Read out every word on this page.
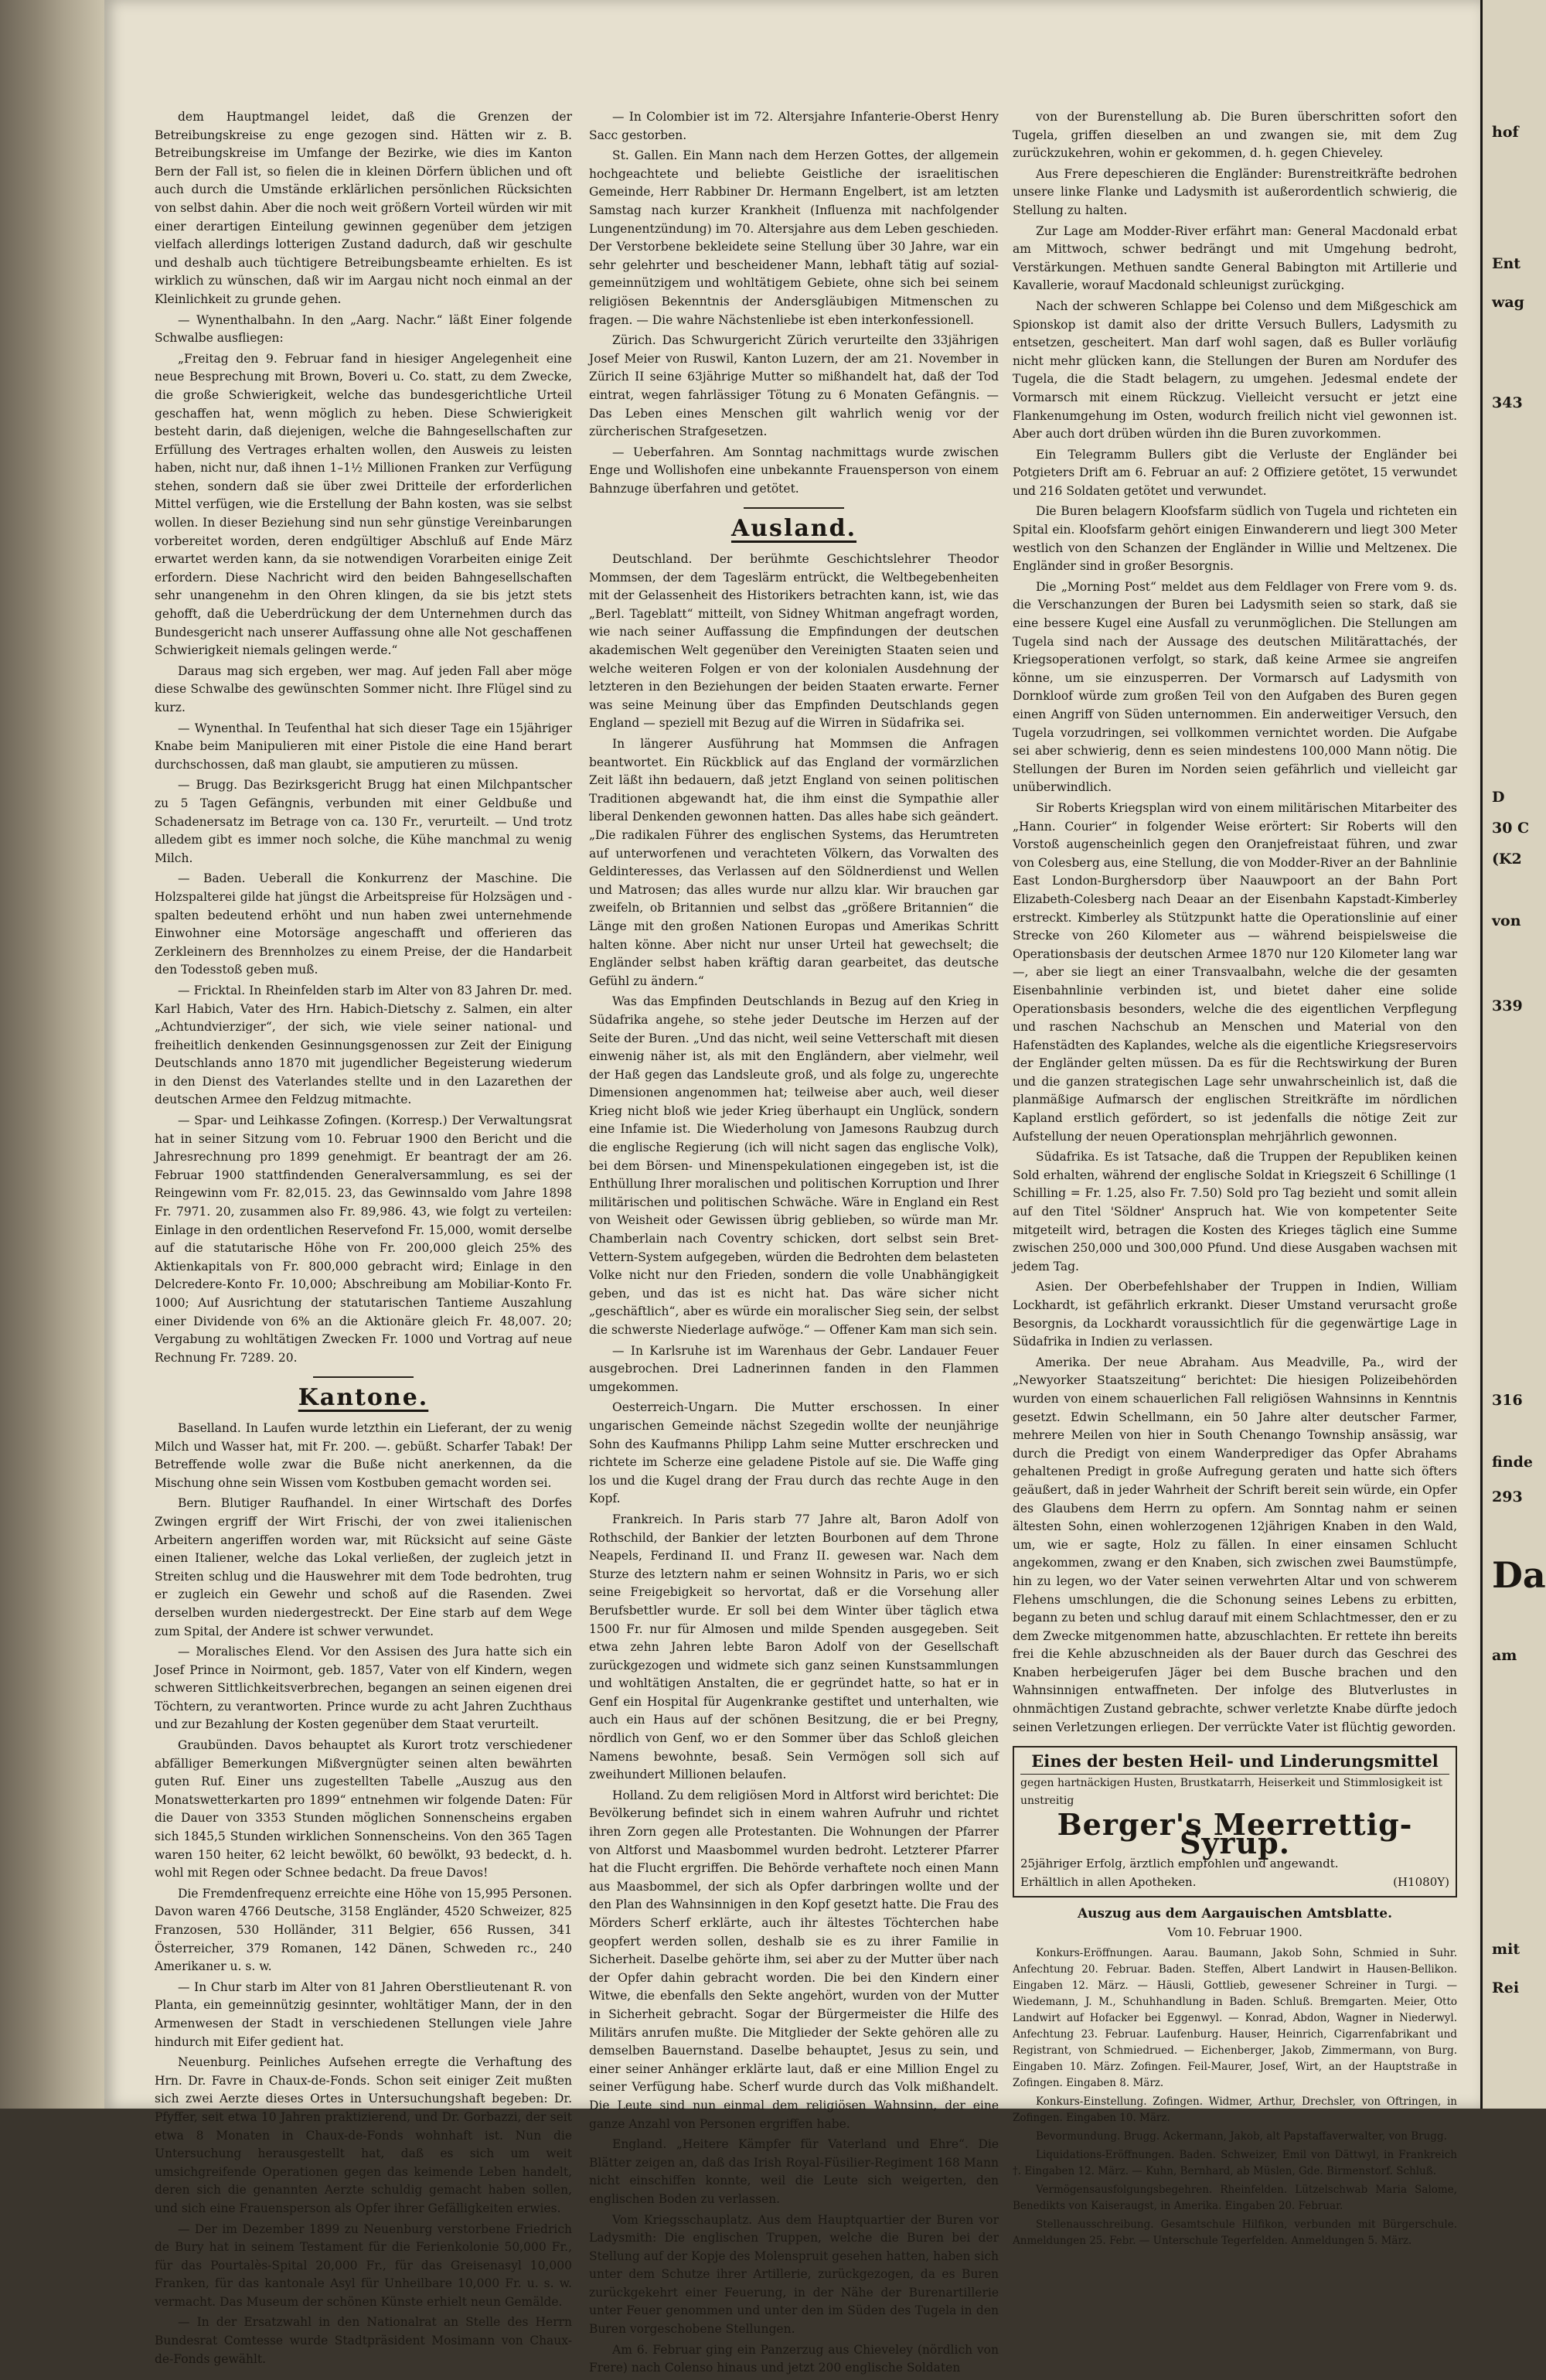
dem Hauptmangel leidet, daß die Grenzen der Betreibungskreise zu enge gezogen sind. Hätten wir z. B. Betreibungskreise im Umfange der Bezirke, wie dies im Kanton Bern der Fall ist, so fielen die in kleinen Dörfern üblichen und oft auch durch die Umstände erklärlichen persönlichen Rücksichten von selbst dahin. Aber die noch weit größern Vorteil würden wir mit einer derartigen Einteilung gewinnen gegenüber dem jetzigen vielfach allerdings lotterigen Zustand dadurch, daß wir geschulte und deshalb auch tüchtigere Betreibungsbeamte erhielten. Es ist wirklich zu wünschen, daß wir im Aargau nicht noch einmal an der Kleinlichkeit zu grunde gehen.

— Wynenthalbahn. In den „Aarg. Nachr.“ läßt Einer folgende Schwalbe ausfliegen:

„Freitag den 9. Februar fand in hiesiger Angelegenheit eine neue Besprechung mit Brown, Boveri u. Co. statt, zu dem Zwecke, die große Schwierigkeit, welche das bundesgerichtliche Urteil geschaffen hat, wenn möglich zu heben. Diese Schwierigkeit besteht darin, daß diejenigen, welche die Bahngesellschaften zur Erfüllung des Vertrages erhalten wollen, den Ausweis zu leisten haben, nicht nur, daß ihnen 1–1½ Millionen Franken zur Verfügung stehen, sondern daß sie über zwei Dritteile der erforderlichen Mittel verfügen, wie die Erstellung der Bahn kosten, was sie selbst wollen. In dieser Beziehung sind nun sehr günstige Vereinbarungen vorbereitet worden, deren endgültiger Abschluß auf Ende März erwartet werden kann, da sie notwendigen Vorarbeiten einige Zeit erfordern. Diese Nachricht wird den beiden Bahngesellschaften sehr unangenehm in den Ohren klingen, da sie bis jetzt stets gehofft, daß die Ueberdrückung der dem Unternehmen durch das Bundesgericht nach unserer Auffassung ohne alle Not geschaffenen Schwierigkeit niemals gelingen werde.“

Daraus mag sich ergeben, wer mag. Auf jeden Fall aber möge diese Schwalbe des gewünschten Sommer nicht. Ihre Flügel sind zu kurz.

— Wynenthal. In Teufenthal hat sich dieser Tage ein 15jähriger Knabe beim Manipulieren mit einer Pistole die eine Hand berart durchschossen, daß man glaubt, sie amputieren zu müssen.

— Brugg. Das Bezirksgericht Brugg hat einen Milchpantscher zu 5 Tagen Gefängnis, verbunden mit einer Geldbuße und Schadenersatz im Betrage von ca. 130 Fr., verurteilt. — Und trotz alledem gibt es immer noch solche, die Kühe manchmal zu wenig Milch.

— Baden. Ueberall die Konkurrenz der Maschine. Die Holzspalterei gilde hat jüngst die Arbeitspreise für Holzsägen und -spalten bedeutend erhöht und nun haben zwei unternehmende Einwohner eine Motorsäge angeschafft und offerieren das Zerkleinern des Brennholzes zu einem Preise, der die Handarbeit den Todesstoß geben muß.

— Fricktal. In Rheinfelden starb im Alter von 83 Jahren Dr. med. Karl Habich, Vater des Hrn. Habich-Dietschy z. Salmen, ein alter „Achtundvierziger“, der sich, wie viele seiner national- und freiheitlich denkenden Gesinnungsgenossen zur Zeit der Einigung Deutschlands anno 1870 mit jugendlicher Begeisterung wiederum in den Dienst des Vaterlandes stellte und in den Lazarethen der deutschen Armee den Feldzug mitmachte.

— Spar- und Leihkasse Zofingen. (Korresp.) Der Verwaltungsrat hat in seiner Sitzung vom 10. Februar 1900 den Bericht und die Jahresrechnung pro 1899 genehmigt. Er beantragt der am 26. Februar 1900 stattfindenden Generalversammlung, es sei der Reingewinn vom Fr. 82,015. 23, das Gewinnsaldo vom Jahre 1898 Fr. 7971. 20, zusammen also Fr. 89,986. 43, wie folgt zu verteilen: Einlage in den ordentlichen Reservefond Fr. 15,000, womit derselbe auf die statutarische Höhe von Fr. 200,000 gleich 25% des Aktienkapitals von Fr. 800,000 gebracht wird; Einlage in den Delcredere-Konto Fr. 10,000; Abschreibung am Mobiliar-Konto Fr. 1000; Auf Ausrichtung der statutarischen Tantieme Auszahlung einer Dividende von 6% an die Aktionäre gleich Fr. 48,007. 20; Vergabung zu wohltätigen Zwecken Fr. 1000 und Vortrag auf neue Rechnung Fr. 7289. 20.

Kantone.

Baselland. In Laufen wurde letzthin ein Lieferant, der zu wenig Milch und Wasser hat, mit Fr. 200. —. gebüßt. Scharfer Tabak! Der Betreffende wolle zwar die Buße nicht anerkennen, da die Mischung ohne sein Wissen vom Kostbuben gemacht worden sei.

Bern. Blutiger Raufhandel. In einer Wirtschaft des Dorfes Zwingen ergriff der Wirt Frischi, der von zwei italienischen Arbeitern angeriffen worden war, mit Rücksicht auf seine Gäste einen Italiener, welche das Lokal verließen, der zugleich jetzt in Streiten schlug und die Hauswehrer mit dem Tode bedrohten, trug er zugleich ein Gewehr und schoß auf die Rasenden. Zwei derselben wurden niedergestreckt. Der Eine starb auf dem Wege zum Spital, der Andere ist schwer verwundet.

— Moralisches Elend. Vor den Assisen des Jura hatte sich ein Josef Prince in Noirmont, geb. 1857, Vater von elf Kindern, wegen schweren Sittlichkeitsverbrechen, begangen an seinen eigenen drei Töchtern, zu verantworten. Prince wurde zu acht Jahren Zuchthaus und zur Bezahlung der Kosten gegenüber dem Staat verurteilt.

Graubünden. Davos behauptet als Kurort trotz verschiedener abfälliger Bemerkungen Mißvergnügter seinen alten bewährten guten Ruf. Einer uns zugestellten Tabelle „Auszug aus den Monatswetterkarten pro 1899“ entnehmen wir folgende Daten: Für die Dauer von 3353 Stunden möglichen Sonnenscheins ergaben sich 1845,5 Stunden wirklichen Sonnenscheins. Von den 365 Tagen waren 150 heiter, 62 leicht bewölkt, 60 bewölkt, 93 bedeckt, d. h. wohl mit Regen oder Schnee bedacht. Da freue Davos!

Die Fremdenfrequenz erreichte eine Höhe von 15,995 Personen. Davon waren 4766 Deutsche, 3158 Engländer, 4520 Schweizer, 825 Franzosen, 530 Holländer, 311 Belgier, 656 Russen, 341 Österreicher, 379 Romanen, 142 Dänen, Schweden rc., 240 Amerikaner u. s. w.

— In Chur starb im Alter von 81 Jahren Oberstlieutenant R. von Planta, ein gemeinnützig gesinnter, wohltätiger Mann, der in den Armenwesen der Stadt in verschiedenen Stellungen viele Jahre hindurch mit Eifer gedient hat.

Neuenburg. Peinliches Aufsehen erregte die Verhaftung des Hrn. Dr. Favre in Chaux-de-Fonds. Schon seit einiger Zeit mußten sich zwei Aerzte dieses Ortes in Untersuchungshaft begeben: Dr. Pfyffer, seit etwa 10 Jahren praktizierend, und Dr. Gorbazzi, der seit etwa 8 Monaten in Chaux-de-Fonds wohnhaft ist. Nun die Untersuchung herausgestellt hat, daß es sich um weit umsichgreifende Operationen gegen das keimende Leben handelt, deren sich die genannten Aerzte schuldig gemacht haben sollen, und sich eine Frauensperson als Opfer ihrer Gefälligkeiten erwies.

— Der im Dezember 1899 zu Neuenburg verstorbene Friedrich de Bury hat in seinem Testament für die Ferienkolonie 50,000 Fr., für das Pourtalès-Spital 20,000 Fr., für das Greisenasyl 10,000 Franken, für das kantonale Asyl für Unheilbare 10,000 Fr. u. s. w. vermacht. Das Museum der schönen Künste erhielt neun Gemälde.

— In der Ersatzwahl in den Nationalrat an Stelle des Herrn Bundesrat Comtesse wurde Stadtpräsident Mosimann von Chaux-de-Fonds gewählt.

— In Colombier ist im 72. Altersjahre Infanterie-Oberst Henry Sacc gestorben.

St. Gallen. Ein Mann nach dem Herzen Gottes, der allgemein hochgeachtete und beliebte Geistliche der israelitischen Gemeinde, Herr Rabbiner Dr. Hermann Engelbert, ist am letzten Samstag nach kurzer Krankheit (Influenza mit nachfolgender Lungenentzündung) im 70. Altersjahre aus dem Leben geschieden. Der Verstorbene bekleidete seine Stellung über 30 Jahre, war ein sehr gelehrter und bescheidener Mann, lebhaft tätig auf sozial-gemeinnützigem und wohltätigem Gebiete, ohne sich bei seinem religiösen Bekenntnis der Andersgläubigen Mitmenschen zu fragen. — Die wahre Nächstenliebe ist eben interkonfessionell.

Zürich. Das Schwurgericht Zürich verurteilte den 33jährigen Josef Meier von Ruswil, Kanton Luzern, der am 21. November in Zürich II seine 63jährige Mutter so mißhandelt hat, daß der Tod eintrat, wegen fahrlässiger Tötung zu 6 Monaten Gefängnis. — Das Leben eines Menschen gilt wahrlich wenig vor der zürcherischen Strafgesetzen.

— Ueberfahren. Am Sonntag nachmittags wurde zwischen Enge und Wollishofen eine unbekannte Frauensperson von einem Bahnzuge überfahren und getötet.

Ausland.

Deutschland. Der berühmte Geschichtslehrer Theodor Mommsen, der dem Tageslärm entrückt, die Weltbegebenheiten mit der Gelassenheit des Historikers betrachten kann, ist, wie das „Berl. Tageblatt“ mitteilt, von Sidney Whitman angefragt worden, wie nach seiner Auffassung die Empfindungen der deutschen akademischen Welt gegenüber den Vereinigten Staaten seien und welche weiteren Folgen er von der kolonialen Ausdehnung der letzteren in den Beziehungen der beiden Staaten erwarte. Ferner was seine Meinung über das Empfinden Deutschlands gegen England — speziell mit Bezug auf die Wirren in Südafrika sei.

In längerer Ausführung hat Mommsen die Anfragen beantwortet. Ein Rückblick auf das England der vormärzlichen Zeit läßt ihn bedauern, daß jetzt England von seinen politischen Traditionen abgewandt hat, die ihm einst die Sympathie aller liberal Denkenden gewonnen hatten. Das alles habe sich geändert. „Die radikalen Führer des englischen Systems, das Herumtreten auf unterworfenen und verachteten Völkern, das Vorwalten des Geldinteresses, das Verlassen auf den Söldnerdienst und Wellen und Matrosen; das alles wurde nur allzu klar. Wir brauchen gar zweifeln, ob Britannien und selbst das „größere Britannien“ die Länge mit den großen Nationen Europas und Amerikas Schritt halten könne. Aber nicht nur unser Urteil hat gewechselt; die Engländer selbst haben kräftig daran gearbeitet, das deutsche Gefühl zu ändern.“

Was das Empfinden Deutschlands in Bezug auf den Krieg in Südafrika angehe, so stehe jeder Deutsche im Herzen auf der Seite der Buren. „Und das nicht, weil seine Vetterschaft mit diesen einwenig näher ist, als mit den Engländern, aber vielmehr, weil der Haß gegen das Landsleute groß, und als folge zu, ungerechte Dimensionen angenommen hat; teilweise aber auch, weil dieser Krieg nicht bloß wie jeder Krieg überhaupt ein Unglück, sondern eine Infamie ist. Die Wiederholung von Jamesons Raubzug durch die englische Regierung (ich will nicht sagen das englische Volk), bei dem Börsen- und Minenspekulationen eingegeben ist, ist die Enthüllung Ihrer moralischen und politischen Korruption und Ihrer militärischen und politischen Schwäche. Wäre in England ein Rest von Weisheit oder Gewissen übrig geblieben, so würde man Mr. Chamberlain nach Coventry schicken, dort selbst sein Bret-Vettern-System aufgegeben, würden die Bedrohten dem belasteten Volke nicht nur den Frieden, sondern die volle Unabhängigkeit geben, und das ist es nicht hat. Das wäre sicher nicht „geschäftlich“, aber es würde ein moralischer Sieg sein, der selbst die schwerste Niederlage aufwöge.“ — Offener Kam man sich sein.

— In Karlsruhe ist im Warenhaus der Gebr. Landauer Feuer ausgebrochen. Drei Ladnerinnen fanden in den Flammen umgekommen.

Oesterreich-Ungarn. Die Mutter erschossen. In einer ungarischen Gemeinde nächst Szegedin wollte der neunjährige Sohn des Kaufmanns Philipp Lahm seine Mutter erschrecken und richtete im Scherze eine geladene Pistole auf sie. Die Waffe ging los und die Kugel drang der Frau durch das rechte Auge in den Kopf.

Frankreich. In Paris starb 77 Jahre alt, Baron Adolf von Rothschild, der Bankier der letzten Bourbonen auf dem Throne Neapels, Ferdinand II. und Franz II. gewesen war. Nach dem Sturze des letztern nahm er seinen Wohnsitz in Paris, wo er sich seine Freigebigkeit so hervortat, daß er die Vorsehung aller Berufsbettler wurde. Er soll bei dem Winter über täglich etwa 1500 Fr. nur für Almosen und milde Spenden ausgegeben. Seit etwa zehn Jahren lebte Baron Adolf von der Gesellschaft zurückgezogen und widmete sich ganz seinen Kunstsammlungen und wohltätigen Anstalten, die er gegründet hatte, so hat er in Genf ein Hospital für Augenkranke gestiftet und unterhalten, wie auch ein Haus auf der schönen Besitzung, die er bei Pregny, nördlich von Genf, wo er den Sommer über das Schloß gleichen Namens bewohnte, besaß. Sein Vermögen soll sich auf zweihundert Millionen belaufen.

Holland. Zu dem religiösen Mord in Altforst wird berichtet: Die Bevölkerung befindet sich in einem wahren Aufruhr und richtet ihren Zorn gegen alle Protestanten. Die Wohnungen der Pfarrer von Altforst und Maasbommel wurden bedroht. Letzterer Pfarrer hat die Flucht ergriffen. Die Behörde verhaftete noch einen Mann aus Maasbommel, der sich als Opfer darbringen wollte und der den Plan des Wahnsinnigen in den Kopf gesetzt hatte. Die Frau des Mörders Scherf erklärte, auch ihr ältestes Töchterchen habe geopfert werden sollen, deshalb sie es zu ihrer Familie in Sicherheit. Daselbe gehörte ihm, sei aber zu der Mutter über nach der Opfer dahin gebracht worden. Die bei den Kindern einer Witwe, die ebenfalls den Sekte angehört, wurden von der Mutter in Sicherheit gebracht. Sogar der Bürgermeister die Hilfe des Militärs anrufen mußte. Die Mitglieder der Sekte gehören alle zu demselben Bauernstand. Daselbe behauptet, Jesus zu sein, und einer seiner Anhänger erklärte laut, daß er eine Million Engel zu seiner Verfügung habe. Scherf wurde durch das Volk mißhandelt. Die Leute sind nun einmal dem religiösen Wahnsinn, der eine ganze Anzahl von Personen ergriffen habe.

England. „Heitere Kämpfer für Vaterland und Ehre“. Die Blätter zeigen an, daß das Irish Royal-Füsilier-Regiment 168 Mann nicht einschiffen konnte, weil die Leute sich weigerten, den englischen Boden zu verlassen.

Vom Kriegsschauplatz. Aus dem Hauptquartier der Buren vor Ladysmith: Die englischen Truppen, welche die Buren bei der Stellung auf der Kopje des Molenspruit gesehen hatten, haben sich unter dem Schutze ihrer Artillerie, zurückgezogen, da es Buren zurückgekehrt einer Feuerung, in der Nähe der Burenartillerie unter Feuer genommen und unter den im Süden des Tugela in den Buren vorgeschobene Stellungen.

Am 6. Februar ging ein Panzerzug aus Chieveley (nördlich von Frere) nach Colenso hinaus und jetzt 200 englische Soldaten

von der Burenstellung ab. Die Buren überschritten sofort den Tugela, griffen dieselben an und zwangen sie, mit dem Zug zurückzukehren, wohin er gekommen, d. h. gegen Chieveley.

Aus Frere depeschieren die Engländer: Burenstreitkräfte bedrohen unsere linke Flanke und Ladysmith ist außerordentlich schwierig, die Stellung zu halten.

Zur Lage am Modder-River erfährt man: General Macdonald erbat am Mittwoch, schwer bedrängt und mit Umgehung bedroht, Verstärkungen. Methuen sandte General Babington mit Artillerie und Kavallerie, worauf Macdonald schleunigst zurückging.

Nach der schweren Schlappe bei Colenso und dem Mißgeschick am Spionskop ist damit also der dritte Versuch Bullers, Ladysmith zu entsetzen, gescheitert. Man darf wohl sagen, daß es Buller vorläufig nicht mehr glücken kann, die Stellungen der Buren am Nordufer des Tugela, die die Stadt belagern, zu umgehen. Jedesmal endete der Vormarsch mit einem Rückzug. Vielleicht versucht er jetzt eine Flankenumgehung im Osten, wodurch freilich nicht viel gewonnen ist. Aber auch dort drüben würden ihn die Buren zuvorkommen.

Ein Telegramm Bullers gibt die Verluste der Engländer bei Potgieters Drift am 6. Februar an auf: 2 Offiziere getötet, 15 verwundet und 216 Soldaten getötet und verwundet.

Die Buren belagern Kloofsfarm südlich von Tugela und richteten ein Spital ein. Kloofsfarm gehört einigen Einwanderern und liegt 300 Meter westlich von den Schanzen der Engländer in Willie und Meltzenex. Die Engländer sind in großer Besorgnis.

Die „Morning Post“ meldet aus dem Feldlager von Frere vom 9. ds. die Verschanzungen der Buren bei Ladysmith seien so stark, daß sie eine bessere Kugel eine Ausfall zu verunmöglichen. Die Stellungen am Tugela sind nach der Aussage des deutschen Militärattachés, der Kriegsoperationen verfolgt, so stark, daß keine Armee sie angreifen könne, um sie einzusperren. Der Vormarsch auf Ladysmith von Dornkloof würde zum großen Teil von den Aufgaben des Buren gegen einen Angriff von Süden unternommen. Ein anderweitiger Versuch, den Tugela vorzudringen, sei vollkommen vernichtet worden. Die Aufgabe sei aber schwierig, denn es seien mindestens 100,000 Mann nötig. Die Stellungen der Buren im Norden seien gefährlich und vielleicht gar unüberwindlich.

Sir Roberts Kriegsplan wird von einem militärischen Mitarbeiter des „Hann. Courier“ in folgender Weise erörtert: Sir Roberts will den Vorstoß augenscheinlich gegen den Oranjefreistaat führen, und zwar von Colesberg aus, eine Stellung, die von Modder-River an der Bahnlinie East London-Burghersdorp über Naauwpoort an der Bahn Port Elizabeth-Colesberg nach Deaar an der Eisenbahn Kapstadt-Kimberley erstreckt. Kimberley als Stützpunkt hatte die Operationslinie auf einer Strecke von 260 Kilometer aus — während beispielsweise die Operationsbasis der deutschen Armee 1870 nur 120 Kilometer lang war —, aber sie liegt an einer Transvaalbahn, welche die der gesamten Eisenbahnlinie verbinden ist, und bietet daher eine solide Operationsbasis besonders, welche die des eigentlichen Verpflegung und raschen Nachschub an Menschen und Material von den Hafenstädten des Kaplandes, welche als die eigentliche Kriegsreservoirs der Engländer gelten müssen. Da es für die Rechtswirkung der Buren und die ganzen strategischen Lage sehr unwahrscheinlich ist, daß die planmäßige Aufmarsch der englischen Streitkräfte im nördlichen Kapland erstlich gefördert, so ist jedenfalls die nötige Zeit zur Aufstellung der neuen Operationsplan mehrjährlich gewonnen.

Südafrika. Es ist Tatsache, daß die Truppen der Republiken keinen Sold erhalten, während der englische Soldat in Kriegszeit 6 Schillinge (1 Schilling = Fr. 1.25, also Fr. 7.50) Sold pro Tag bezieht und somit allein auf den Titel 'Söldner' Anspruch hat. Wie von kompetenter Seite mitgeteilt wird, betragen die Kosten des Krieges täglich eine Summe zwischen 250,000 und 300,000 Pfund. Und diese Ausgaben wachsen mit jedem Tag.

Asien. Der Oberbefehlshaber der Truppen in Indien, William Lockhardt, ist gefährlich erkrankt. Dieser Umstand verursacht große Besorgnis, da Lockhardt voraussichtlich für die gegenwärtige Lage in Südafrika in Indien zu verlassen.

Amerika. Der neue Abraham. Aus Meadville, Pa., wird der „Newyorker Staatszeitung“ berichtet: Die hiesigen Polizeibehörden wurden von einem schauerlichen Fall religiösen Wahnsinns in Kenntnis gesetzt. Edwin Schellmann, ein 50 Jahre alter deutscher Farmer, mehrere Meilen von hier in South Chenango Township ansässig, war durch die Predigt von einem Wanderprediger das Opfer Abrahams gehaltenen Predigt in große Aufregung geraten und hatte sich öfters geäußert, daß in jeder Wahrheit der Schrift bereit sein würde, ein Opfer des Glaubens dem Herrn zu opfern. Am Sonntag nahm er seinen ältesten Sohn, einen wohlerzogenen 12jährigen Knaben in den Wald, um, wie er sagte, Holz zu fällen. In einer einsamen Schlucht angekommen, zwang er den Knaben, sich zwischen zwei Baumstümpfe, hin zu legen, wo der Vater seinen verwehrten Altar und von schwerem Flehens umschlungen, die die Schonung seines Lebens zu erbitten, begann zu beten und schlug darauf mit einem Schlachtmesser, den er zu dem Zwecke mitgenommen hatte, abzuschlachten. Er rettete ihn bereits frei die Kehle abzuschneiden als der Bauer durch das Geschrei des Knaben herbeigerufen Jäger bei dem Busche brachen und den Wahnsinnigen entwaffneten. Der infolge des Blutverlustes in ohnmächtigen Zustand gebrachte, schwer verletzte Knabe dürfte jedoch seinen Verletzungen erliegen. Der verrückte Vater ist flüchtig geworden.

Eines der besten Heil- und Linderungsmittel
gegen hartnäckigen Husten, Brustkatarrh, Heiserkeit und Stimmlosigkeit ist unstreitig
Berger's Meerrettig-Syrup.
25jähriger Erfolg, ärztlich empfohlen und angewandt.
Erhältlich in allen Apotheken.	(H1080Y)
Auszug aus dem Aargauischen Amtsblatte.
Vom 10. Februar 1900.

Konkurs-Eröffnungen. Aarau. Baumann, Jakob Sohn, Schmied in Suhr. Anfechtung 20. Februar. Baden. Steffen, Albert Landwirt in Hausen-Bellikon. Eingaben 12. März. — Häusli, Gottlieb, gewesener Schreiner in Turgi. — Wiedemann, J. M., Schuhhandlung in Baden. Schluß. Bremgarten. Meier, Otto Landwirt auf Hofacker bei Eggenwyl. — Konrad, Abdon, Wagner in Niederwyl. Anfechtung 23. Februar. Laufenburg. Hauser, Heinrich, Cigarrenfabrikant und Registrant, von Schmiedrued. — Eichenberger, Jakob, Zimmermann, von Burg. Eingaben 10. März. Zofingen. Feil-Maurer, Josef, Wirt, an der Hauptstraße in Zofingen. Eingaben 8. März.

Konkurs-Einstellung. Zofingen. Widmer, Arthur, Drechsler, von Oftringen, in Zofingen. Eingaben 10. März.

Bevormundung. Brugg. Ackermann, Jakob, alt Papstaffaverwalter, von Brugg.

Liquidations-Eröffnungen. Baden. Schweizer, Emil von Dättwyl, in Frankreich †. Eingaben 12. März. — Kuhn, Bernhard, ab Müslen, Gde. Birmenstorf. Schluß.

Vermögensausfolgungsbegehren. Rheinfelden. Lützelschwab Maria Salome, Benedikts von Kaiseraugst, in Amerika. Eingaben 20. Februar.

Stellenausschreibung. Gesamtschule Hilfikon, verbunden mit Bürgerschule. Anmeldungen 25. Febr. — Unterschule Tegerfelden. Anmeldungen 5. März.

hof
Ent
wag
343
D
30 C
(K2
von
339
316
finde
293
Da
am
mit
Rei
